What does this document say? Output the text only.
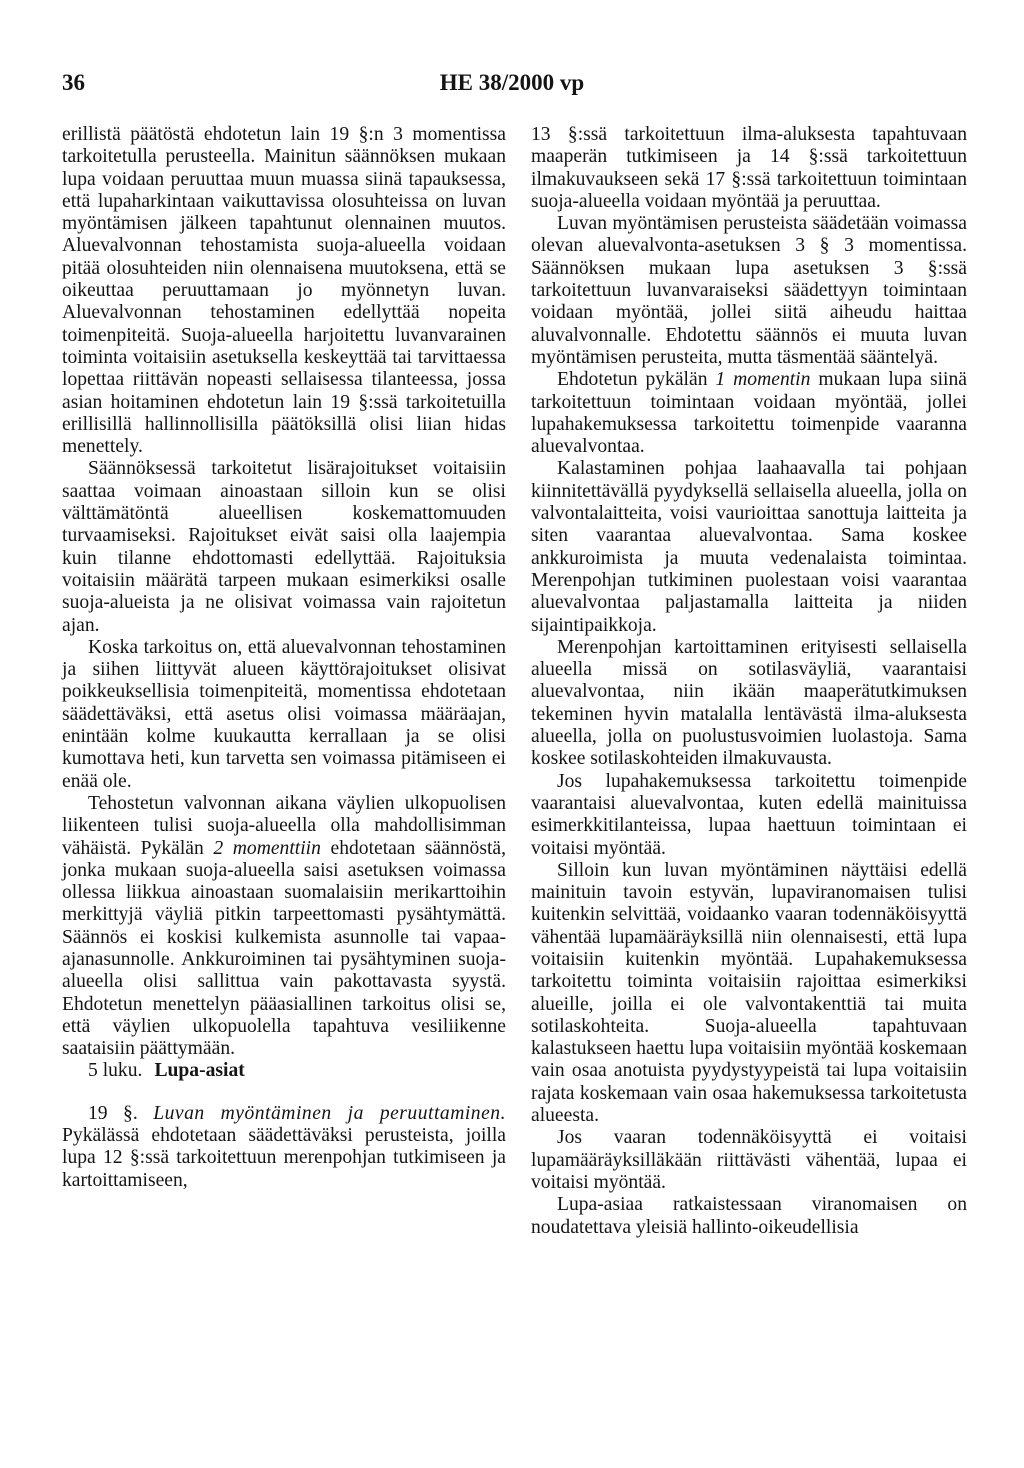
36	HE 38/2000 vp

erillistä päätöstä ehdotetun lain 19 §:n 3 momentissa tarkoitetulla perusteella. Mainitun säännöksen mukaan lupa voidaan peruuttaa muun muassa siinä tapauksessa, että lupaharkintaan vaikuttavissa olosuhteissa on luvan myöntämisen jälkeen tapahtunut olennainen muutos. Aluevalvonnan tehostamista suoja-alueella voidaan pitää olosuhteiden niin olennaisena muutoksena, että se oikeuttaa peruuttamaan jo myönnetyn luvan. Aluevalvonnan tehostaminen edellyttää nopeita toimenpiteitä. Suoja-alueella harjoitettu luvanvarainen toiminta voitaisiin asetuksella keskeyttää tai tarvittaessa lopettaa riittävän nopeasti sellaisessa tilanteessa, jossa asian hoitaminen ehdotetun lain 19 §:ssä tarkoitetuilla erillisillä hallinnollisilla päätöksillä olisi liian hidas menettely.

Säännöksessä tarkoitetut lisärajoitukset voitaisiin saattaa voimaan ainoastaan silloin kun se olisi välttämätöntä alueellisen koskemattomuuden turvaamiseksi. Rajoitukset eivät saisi olla laajempia kuin tilanne ehdottomasti edellyttää. Rajoituksia voitaisiin määrätä tarpeen mukaan esimerkiksi osalle suoja-alueista ja ne olisivat voimassa vain rajoitetun ajan.

Koska tarkoitus on, että aluevalvonnan tehostaminen ja siihen liittyvät alueen käyttörajoitukset olisivat poikkeuksellisia toimenpiteitä, momentissa ehdotetaan säädettäväksi, että asetus olisi voimassa määräajan, enintään kolme kuukautta kerrallaan ja se olisi kumottava heti, kun tarvetta sen voimassa pitämiseen ei enää ole.

Tehostetun valvonnan aikana väylien ulkopuolisen liikenteen tulisi suoja-alueella olla mahdollisimman vähäistä. Pykälän 2 momenttiin ehdotetaan säännöstä, jonka mukaan suoja-alueella saisi asetuksen voimassa ollessa liikkua ainoastaan suomalaisiin merikarttoihin merkittyjä väyliä pitkin tarpeettomasti pysähtymättä. Säännös ei koskisi kulkemista asunnolle tai vapaa-ajanasunnolle. Ankkuroiminen tai pysähtyminen suoja-alueella olisi sallittua vain pakottavasta syystä. Ehdotetun menettelyn pääasiallinen tarkoitus olisi se, että väylien ulkopuolella tapahtuva vesiliikenne saataisiin päättymään.

5 luku. Lupa-asiat

19 §. Luvan myöntäminen ja peruuttaminen. Pykälässä ehdotetaan säädettäväksi perusteista, joilla lupa 12 §:ssä tarkoitettuun merenpohjan tutkimiseen ja kartoittamiseen,

13 §:ssä tarkoitettuun ilma-aluksesta tapahtuvaan maaperän tutkimiseen ja 14 §:ssä tarkoitettuun ilmakuvaukseen sekä 17 §:ssä tarkoitettuun toimintaan suoja-alueella voidaan myöntää ja peruuttaa.

Luvan myöntämisen perusteista säädetään voimassa olevan aluevalvonta-asetuksen 3 § 3 momentissa. Säännöksen mukaan lupa asetuksen 3 §:ssä tarkoitettuun luvanvaraiseksi säädettyyn toimintaan voidaan myöntää, jollei siitä aiheudu haittaa aluvalvonnalle. Ehdotettu säännös ei muuta luvan myöntämisen perusteita, mutta täsmentää sääntelyä.

Ehdotetun pykälän 1 momentin mukaan lupa siinä tarkoitettuun toimintaan voidaan myöntää, jollei lupahakemuksessa tarkoitettu toimenpide vaaranna aluevalvontaa.

Kalastaminen pohjaa laahaavalla tai pohjaan kiinnitettävällä pyydyksellä sellaisella alueella, jolla on valvontalaitteita, voisi vaurioittaa sanottuja laitteita ja siten vaarantaa aluevalvontaa. Sama koskee ankkuroimista ja muuta vedenalaista toimintaa. Merenpohjan tutkiminen puolestaan voisi vaarantaa aluevalvontaa paljastamalla laitteita ja niiden sijaintipaikkoja.

Merenpohjan kartoittaminen erityisesti sellaisella alueella missä on sotilasväyliä, vaarantaisi aluevalvontaa, niin ikään maaperätutkimuksen tekeminen hyvin matalalla lentävästä ilma-aluksesta alueella, jolla on puolustusvoimien luolastoja. Sama koskee sotilaskohteiden ilmakuvausta.

Jos lupahakemuksessa tarkoitettu toimenpide vaarantaisi aluevalvontaa, kuten edellä mainituissa esimerkkitilanteissa, lupaa haettuun toimintaan ei voitaisi myöntää.

Silloin kun luvan myöntäminen näyttäisi edellä mainituin tavoin estyvän, lupaviranomaisen tulisi kuitenkin selvittää, voidaanko vaaran todennäköisyyttä vähentää lupamääräyksillä niin olennaisesti, että lupa voitaisiin kuitenkin myöntää. Lupahakemuksessa tarkoitettu toiminta voitaisiin rajoittaa esimerkiksi alueille, joilla ei ole valvontakenttiä tai muita sotilaskohteita. Suoja-alueella tapahtuvaan kalastukseen haettu lupa voitaisiin myöntää koskemaan vain osaa anotuista pyydystyypeistä tai lupa voitaisiin rajata koskemaan vain osaa hakemuksessa tarkoitetusta alueesta.

Jos vaaran todennäköisyyttä ei voitaisi lupamääräyksilläkään riittävästi vähentää, lupaa ei voitaisi myöntää.

Lupa-asiaa ratkaistessaan viranomaisen on noudatettava yleisiä hallinto-oikeudellisia
